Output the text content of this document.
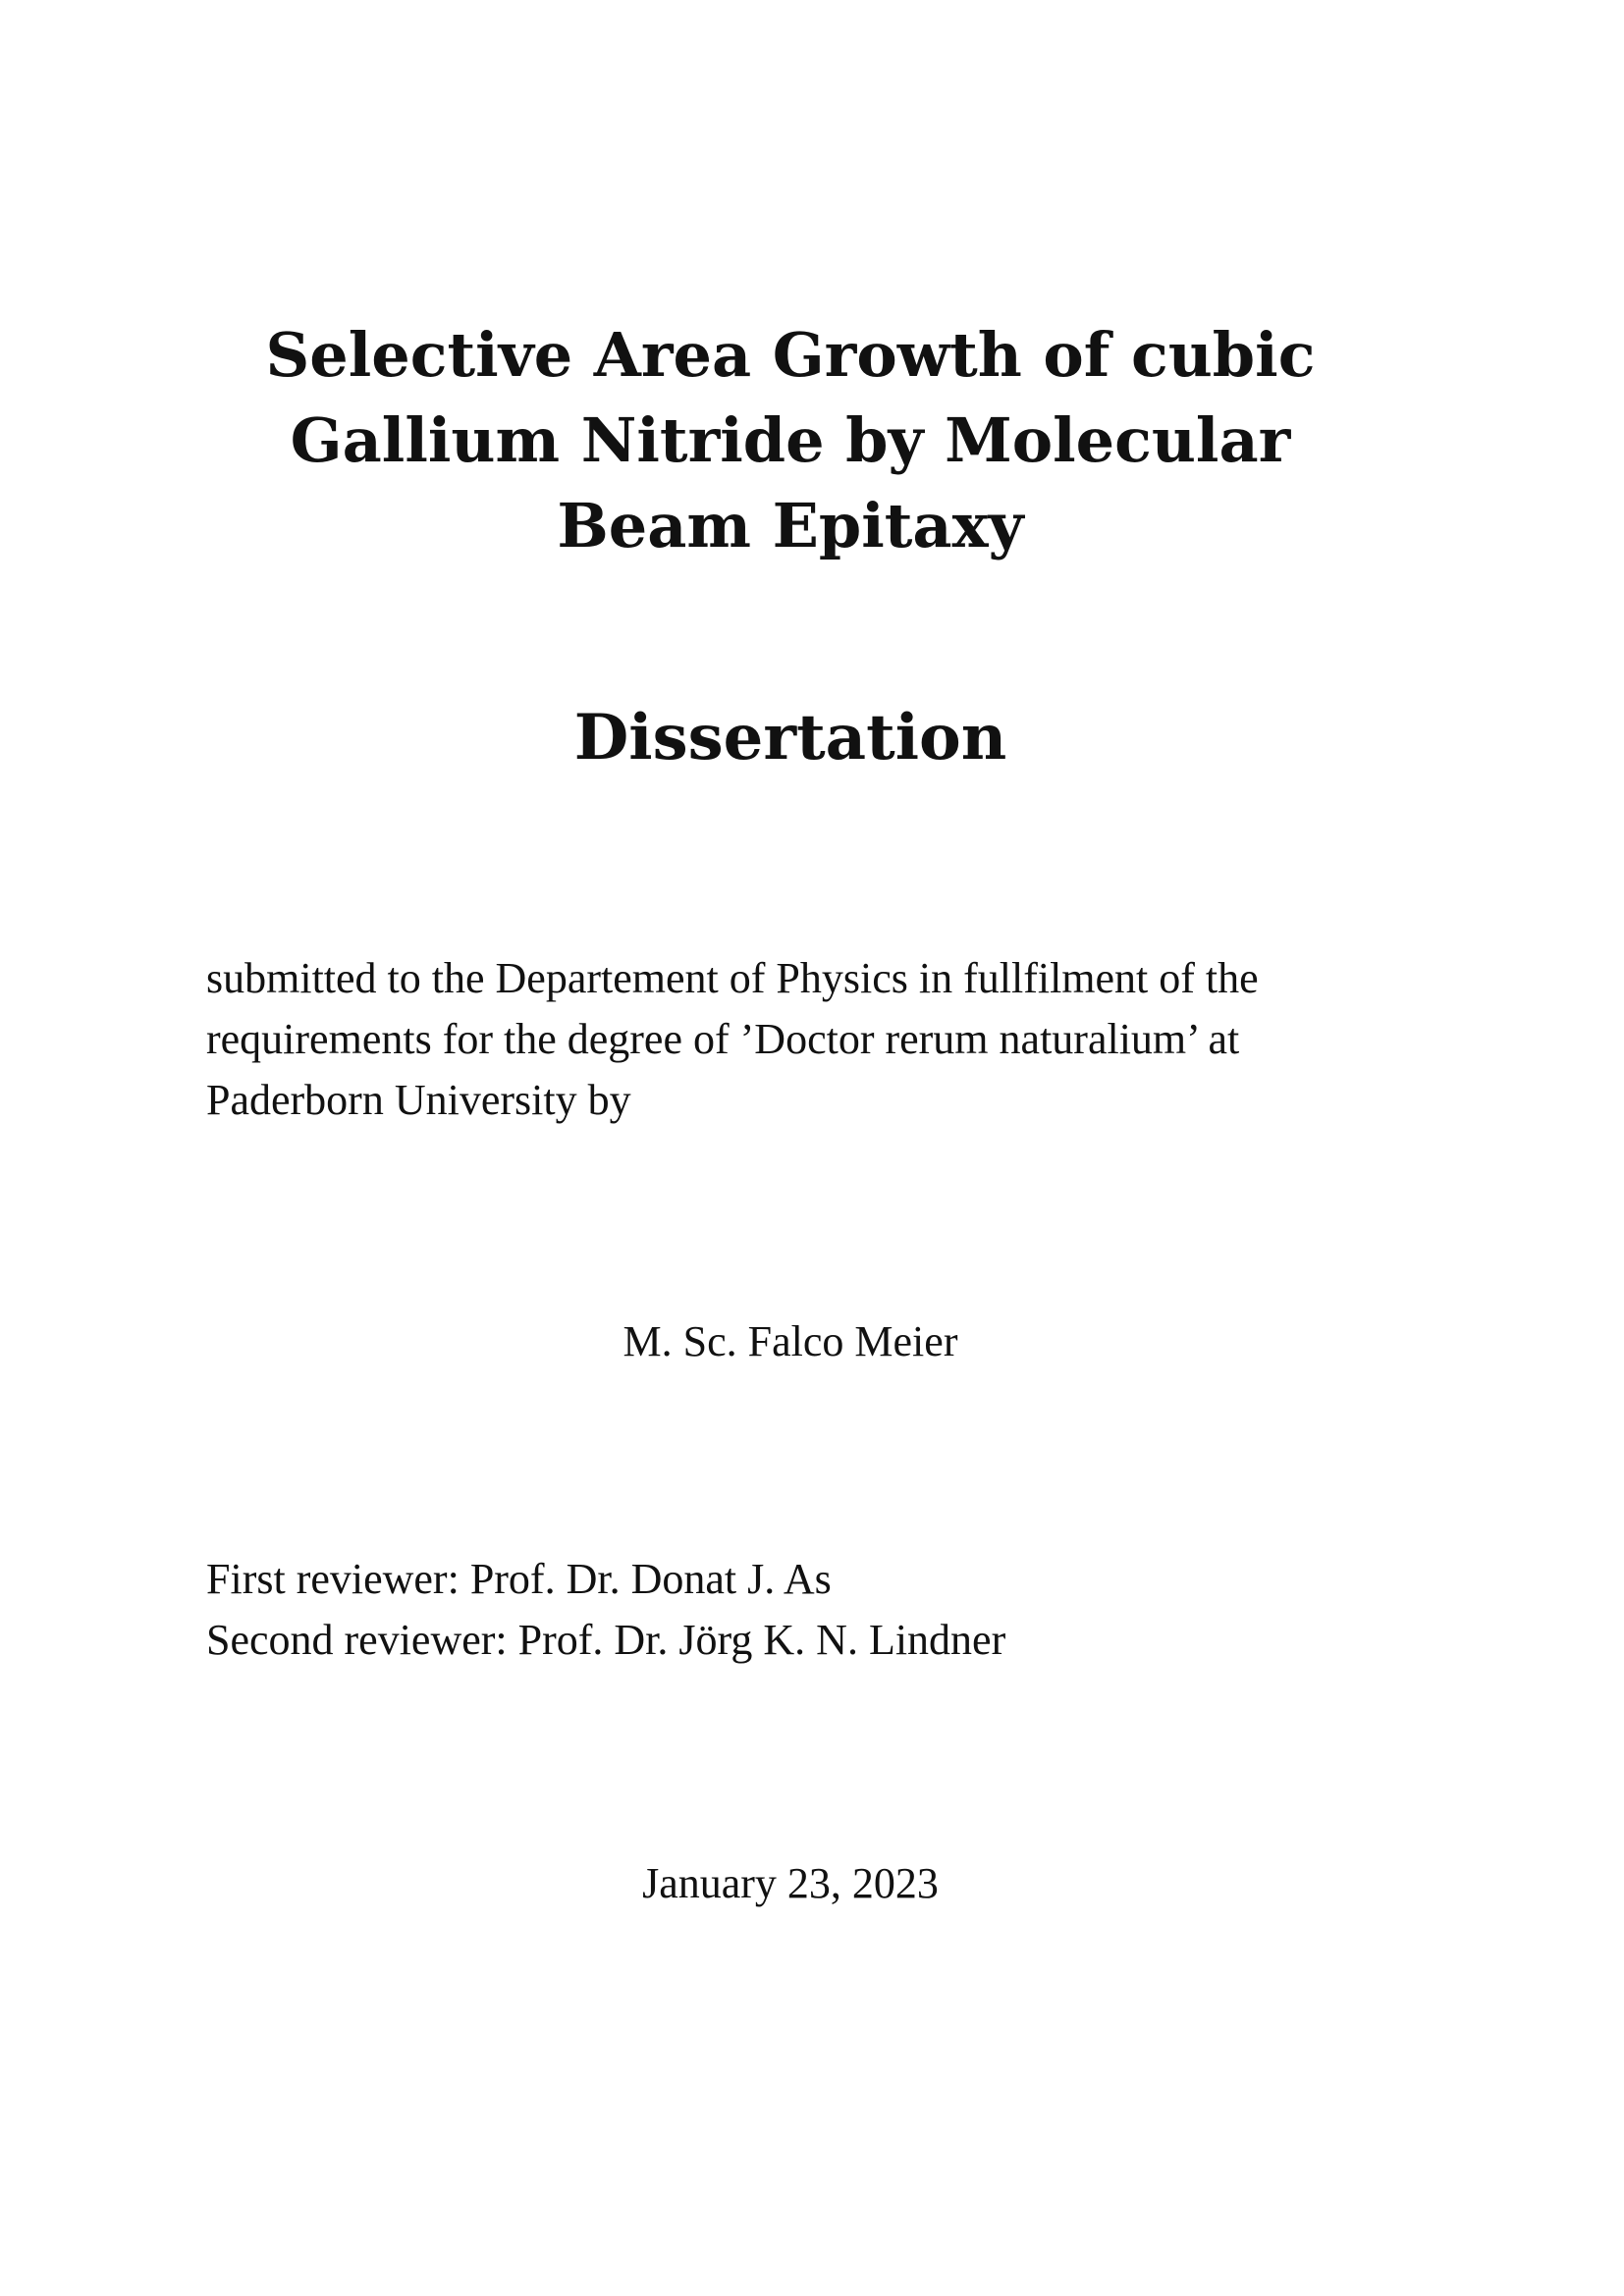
Selective Area Growth of cubic
Gallium Nitride by Molecular
Beam Epitaxy
Dissertation

submitted to the Departement of Physics in fullfilment of the
requirements for the degree of ’Doctor rerum naturalium’ at
Paderborn University by

M. Sc. Falco Meier

First reviewer: Prof. Dr. Donat J. As
Second reviewer: Prof. Dr. Jörg K. N. Lindner

January 23, 2023
